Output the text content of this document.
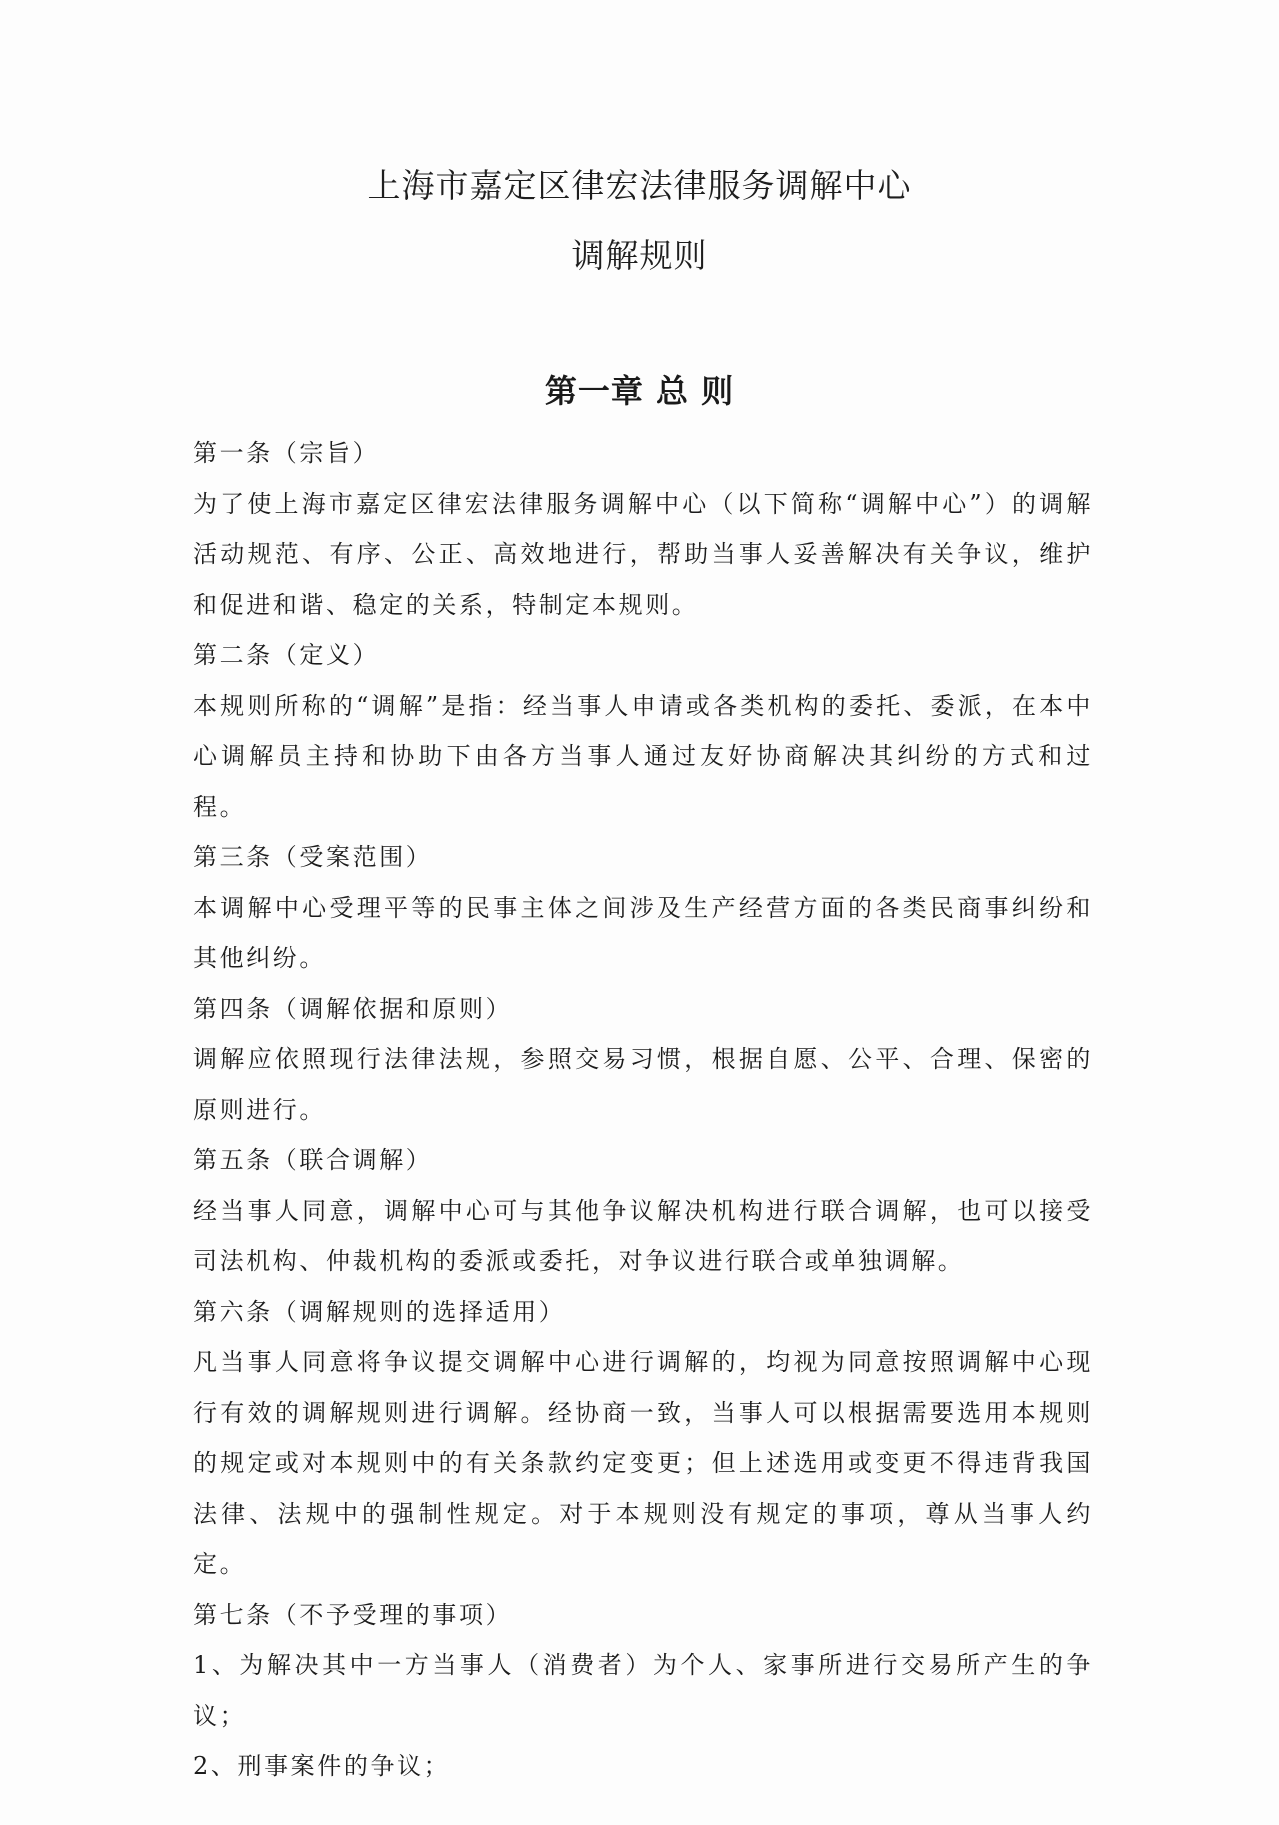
上海市嘉定区律宏法律服务调解中心
调解规则
第一章 总 则

第一条（宗旨）

为了使上海市嘉定区律宏法律服务调解中心（以下简称“调解中心”）的调解活动规范、有序、公正、高效地进行，帮助当事人妥善解决有关争议，维护和促进和谐、稳定的关系，特制定本规则。

第二条（定义）

本规则所称的“调解”是指：经当事人申请或各类机构的委托、委派，在本中心调解员主持和协助下由各方当事人通过友好协商解决其纠纷的方式和过程。

第三条（受案范围）

本调解中心受理平等的民事主体之间涉及生产经营方面的各类民商事纠纷和其他纠纷。

第四条（调解依据和原则）

调解应依照现行法律法规，参照交易习惯，根据自愿、公平、合理、保密的原则进行。

第五条（联合调解）

经当事人同意，调解中心可与其他争议解决机构进行联合调解，也可以接受司法机构、仲裁机构的委派或委托，对争议进行联合或单独调解。

第六条（调解规则的选择适用）

凡当事人同意将争议提交调解中心进行调解的，均视为同意按照调解中心现行有效的调解规则进行调解。经协商一致，当事人可以根据需要选用本规则的规定或对本规则中的有关条款约定变更；但上述选用或变更不得违背我国法律、法规中的强制性规定。对于本规则没有规定的事项，尊从当事人约定。

第七条（不予受理的事项）

1、为解决其中一方当事人（消费者）为个人、家事所进行交易所产生的争议；

2、刑事案件的争议；
